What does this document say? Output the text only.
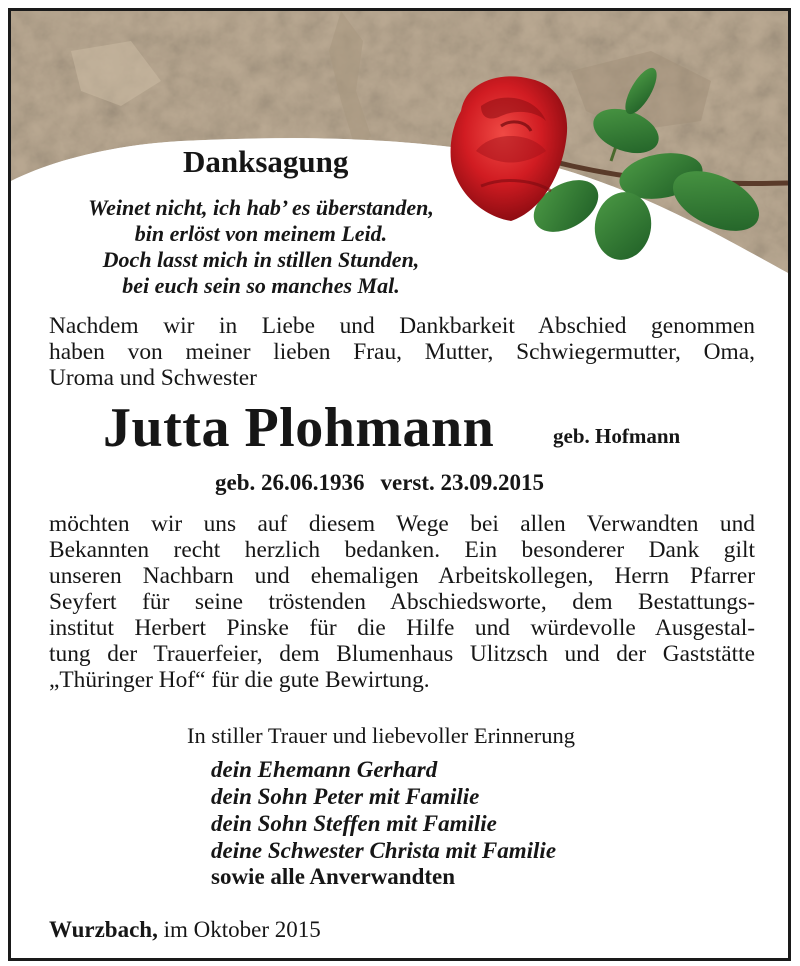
Danksagung
Weinet nicht, ich hab’ es überstanden,
bin erlöst von meinem Leid.
Doch lasst mich in stillen Stunden,
bei euch sein so manches Mal.
Nachdem wir in Liebe und Dankbarkeit Abschied genommen
haben von meiner lieben Frau, Mutter, Schwiegermutter, Oma,
Uroma und Schwester
Jutta Plohmann	geb. Hofmann
geb. 26.06.1936 verst. 23.09.2015
möchten wir uns auf diesem Wege bei allen Verwandten und
Bekannten recht herzlich bedanken. Ein besonderer Dank gilt
unseren Nachbarn und ehemaligen Arbeitskollegen, Herrn Pfarrer
Seyfert für seine tröstenden Abschiedsworte, dem Bestattungs-
institut Herbert Pinske für die Hilfe und würdevolle Ausgestal-
tung der Trauerfeier, dem Blumenhaus Ulitzsch und der Gaststätte
„Thüringer Hof“ für die gute Bewirtung.
In stiller Trauer und liebevoller Erinnerung
dein Ehemann Gerhard
dein Sohn Peter mit Familie
dein Sohn Steffen mit Familie
deine Schwester Christa mit Familie
sowie alle Anverwandten
Wurzbach, im Oktober 2015
